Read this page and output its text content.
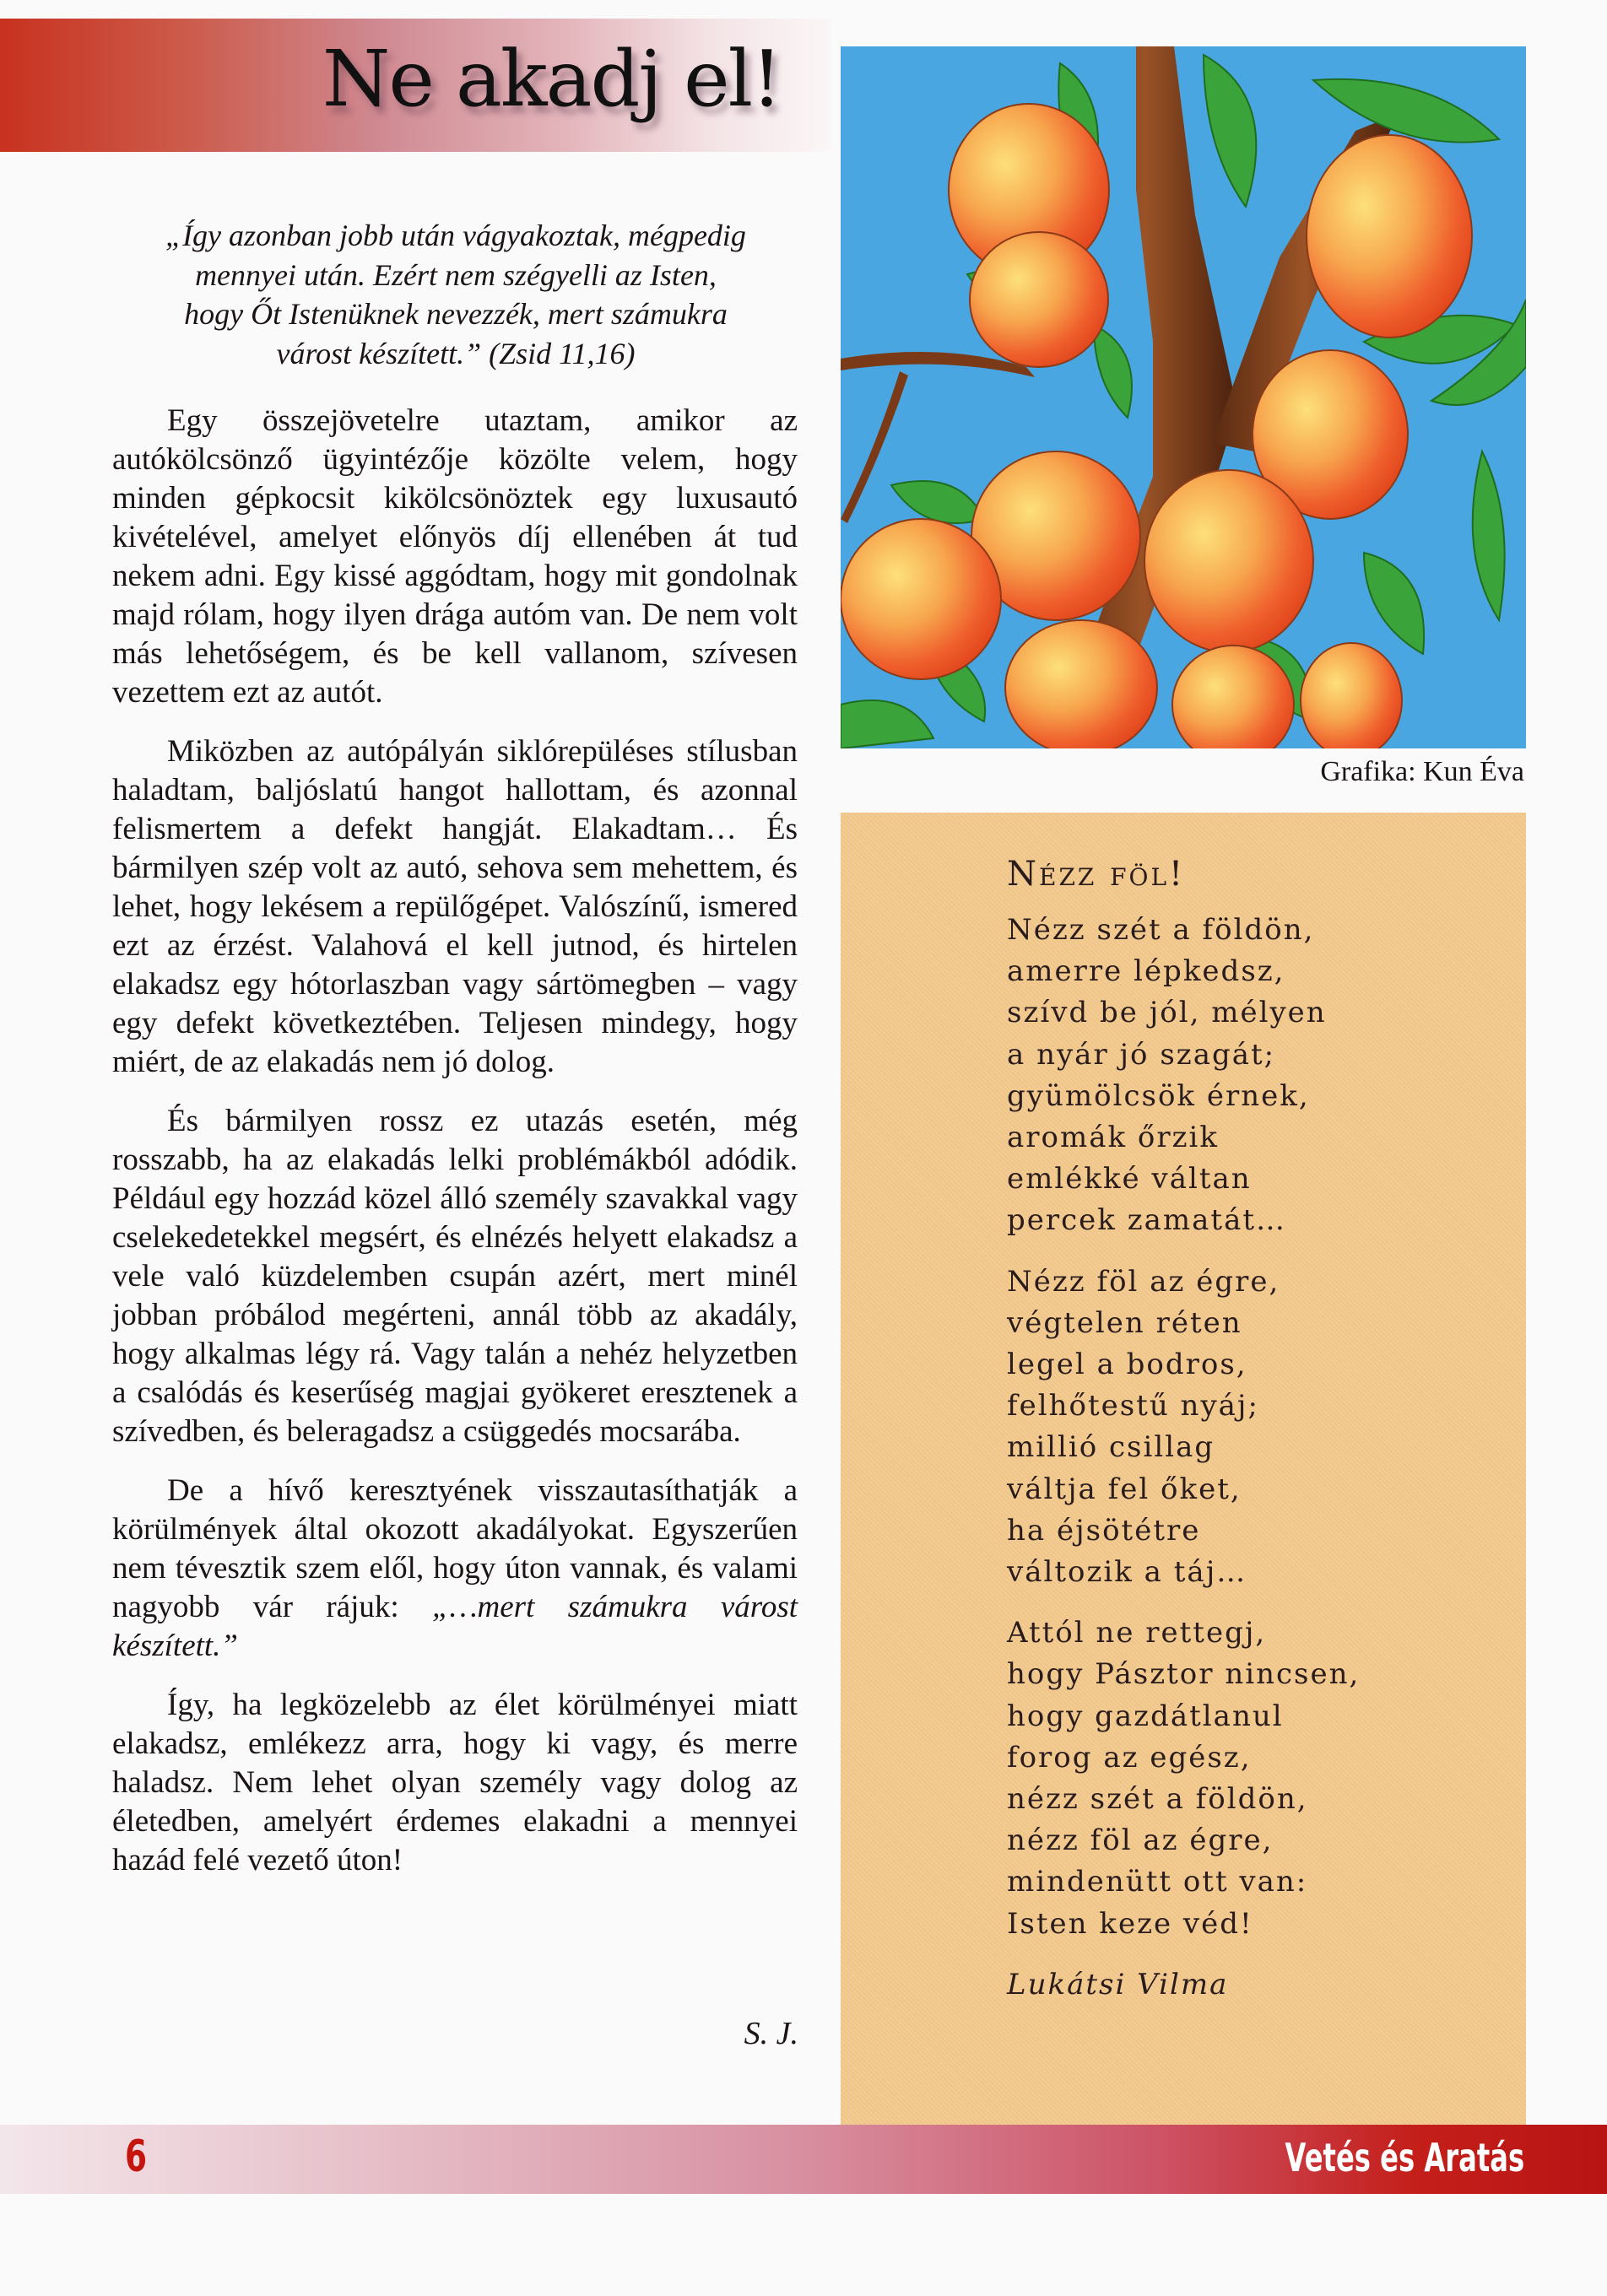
Ne akadj el!
„Így azonban jobb után vágyakoztak, mégpedig
mennyei után. Ezért nem szégyelli az Isten,
hogy Őt Istenüknek nevezzék, mert számukra
várost készített.” (Zsid 11,16)

Egy összejövetelre utaztam, amikor az autókölcsönző ügyintézője közölte velem, hogy minden gépkocsit kikölcsönöztek egy luxusautó kivételével, amelyet előnyös díj ellenében át tud nekem adni. Egy kissé aggódtam, hogy mit gondolnak majd rólam, hogy ilyen drága autóm van. De nem volt más lehetőségem, és be kell vallanom, szívesen vezettem ezt az autót.

Miközben az autópályán siklórepüléses stílusban haladtam, baljóslatú hangot hallottam, és azonnal felismertem a defekt hangját. Elakadtam… És bármilyen szép volt az autó, sehova sem mehettem, és lehet, hogy lekésem a repülőgépet. Valószínű, ismered ezt az érzést. Valahová el kell jutnod, és hirtelen elakadsz egy hótorlaszban vagy sártömegben – vagy egy defekt következtében. Teljesen mindegy, hogy miért, de az elakadás nem jó dolog.

És bármilyen rossz ez utazás esetén, még rosszabb, ha az elakadás lelki problémákból adódik. Például egy hozzád közel álló személy szavakkal vagy cselekedetekkel megsért, és elnézés helyett elakadsz a vele való küzdelemben csupán azért, mert minél jobban próbálod megérteni, annál több az akadály, hogy alkalmas légy rá. Vagy talán a nehéz helyzetben a csalódás és keserűség magjai gyökeret eresztenek a szívedben, és beleragadsz a csüggedés mocsarába.

De a hívő keresztyének visszautasíthatják a körülmények által okozott akadályokat. Egyszerűen nem tévesztik szem elől, hogy úton vannak, és valami nagyobb vár rájuk: „…mert számukra várost készített.”

Így, ha legközelebb az élet körülményei miatt elakadsz, emlékezz arra, hogy ki vagy, és merre haladsz. Nem lehet olyan személy vagy dolog az életedben, amelyért érdemes elakadni a mennyei hazád felé vezető úton!

S. J.
Grafika: Kun Éva
Nézz föl!
Nézz szét a földön,
amerre lépkedsz,
szívd be jól, mélyen
a nyár jó szagát;
gyümölcsök érnek,
aromák őrzik
emlékké váltan
percek zamatát…
Nézz föl az égre,
végtelen réten
legel a bodros,
felhőtestű nyáj;
millió csillag
váltja fel őket,
ha éjsötétre
változik a táj…
Attól ne rettegj,
hogy Pásztor nincsen,
hogy gazdátlanul
forog az egész,
nézz szét a földön,
nézz föl az égre,
mindenütt ott van:
Isten keze véd!
Lukátsi Vilma
6	Vetés és Aratás
